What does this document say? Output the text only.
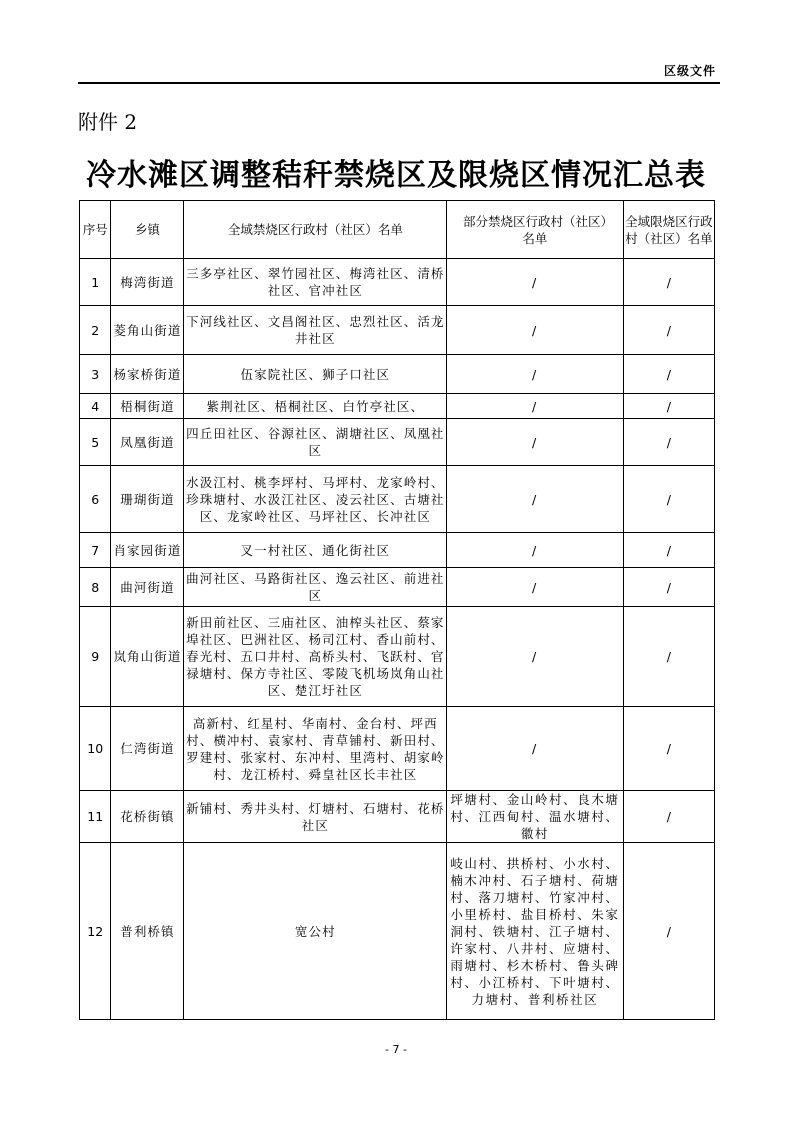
区级文件
附件 2
冷水滩区调整秸秆禁烧区及限烧区情况汇总表
序号	乡镇	全域禁烧区行政村（社区）名单	部分禁烧区行政村（社区）名单	全域限烧区行政村（社区）名单
1	梅湾街道	三多亭社区、翠竹园社区、梅湾社区、清桥社区、官冲社区	/	/
2	菱角山街道	下河线社区、文昌阁社区、忠烈社区、活龙井社区	/	/
3	杨家桥街道	伍家院社区、狮子口社区	/	/
4	梧桐街道	紫荆社区、梧桐社区、白竹亭社区、	/	/
5	凤凰街道	四丘田社区、谷源社区、湖塘社区、凤凰社区	/	/
6	珊瑚街道	水汲江村、桃李坪村、马坪村、龙家岭村、珍珠塘村、水汲江社区、凌云社区、古塘社区、龙家岭社区、马坪社区、长冲社区	/	/
7	肖家园街道	叉一村社区、通化街社区	/	/
8	曲河街道	曲河社区、马路街社区、逸云社区、前进社区	/	/
9	岚角山街道	新田前社区、三庙社区、油榨头社区、蔡家埠社区、巴洲社区、杨司江村、香山前村、春光村、五口井村、高桥头村、飞跃村、官禄塘村、保方寺社区、零陵飞机场岚角山社区、楚江圩社区	/	/
10	仁湾街道	高新村、红星村、华南村、金台村、坪西村、横冲村、袁家村、青草铺村、新田村、罗建村、张家村、东冲村、里湾村、胡家岭村、龙江桥村、舜皇社区长丰社区	/	/
11	花桥街镇	新铺村、秀井头村、灯塘村、石塘村、花桥社区	坪塘村、金山岭村、良木塘村、江西甸村、温水塘村、徽村	/
12	普利桥镇	宽公村	岐山村、拱桥村、小水村、楠木冲村、石子塘村、荷塘村、落刀塘村、竹家冲村、小里桥村、盐目桥村、朱家洞村、铁塘村、江子塘村、许家村、八井村、应塘村、雨塘村、杉木桥村、鲁头碑村、小江桥村、下叶塘村、力塘村、普利桥社区	/
- 7 -
